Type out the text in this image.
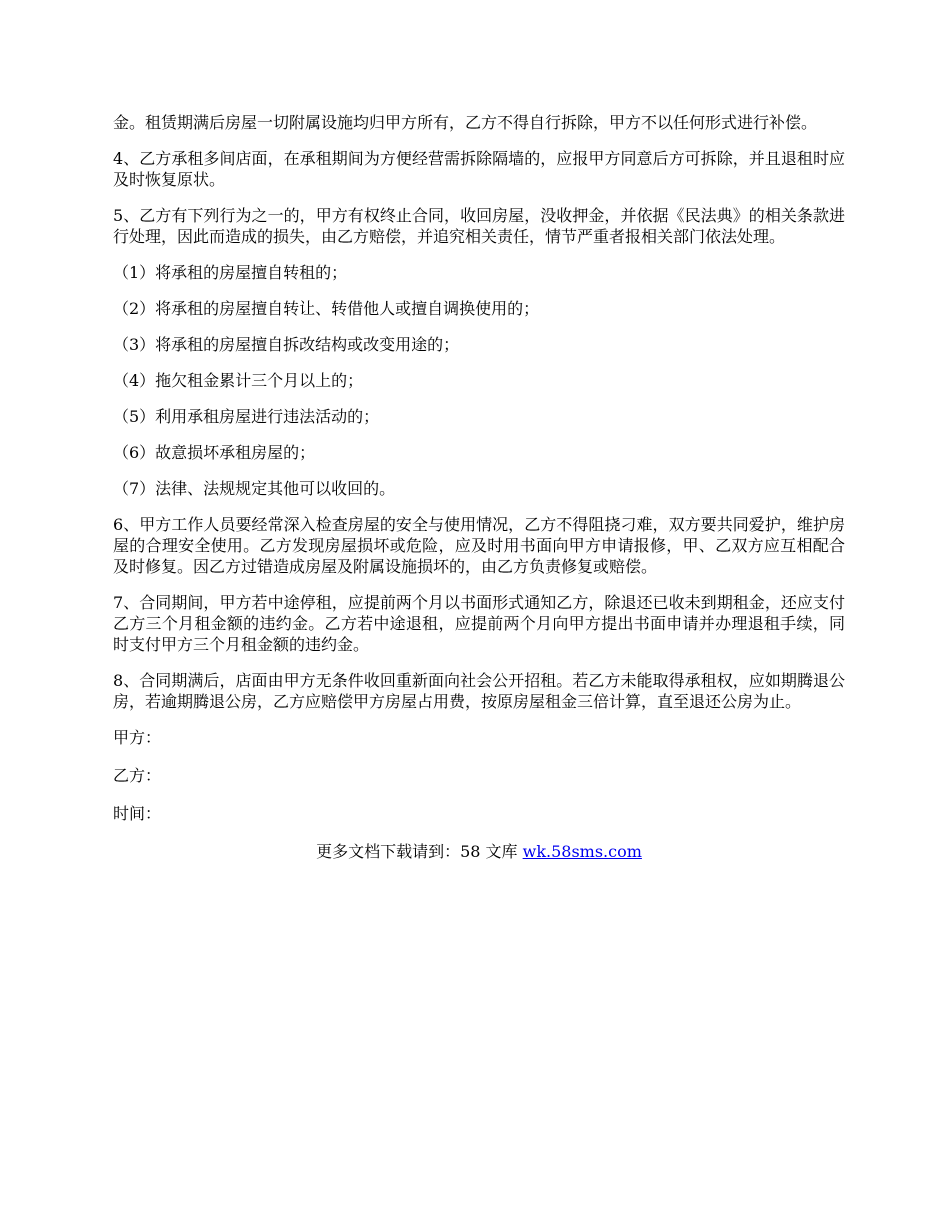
金。租赁期满后房屋一切附属设施均归甲方所有，乙方不得自行拆除，甲方不以任何形式进行补偿。

4、乙方承租多间店面，在承租期间为方便经营需拆除隔墙的，应报甲方同意后方可拆除，并且退租时应及时恢复原状。

5、乙方有下列行为之一的，甲方有权终止合同，收回房屋，没收押金，并依据《民法典》的相关条款进行处理，因此而造成的损失，由乙方赔偿，并追究相关责任，情节严重者报相关部门依法处理。

（1）将承租的房屋擅自转租的；

（2）将承租的房屋擅自转让、转借他人或擅自调换使用的；

（3）将承租的房屋擅自拆改结构或改变用途的；

（4）拖欠租金累计三个月以上的；

（5）利用承租房屋进行违法活动的；

（6）故意损坏承租房屋的；

（7）法律、法规规定其他可以收回的。

6、甲方工作人员要经常深入检查房屋的安全与使用情况，乙方不得阻挠刁难，双方要共同爱护，维护房屋的合理安全使用。乙方发现房屋损坏或危险，应及时用书面向甲方申请报修，甲、乙双方应互相配合及时修复。因乙方过错造成房屋及附属设施损坏的，由乙方负责修复或赔偿。

7、合同期间，甲方若中途停租，应提前两个月以书面形式通知乙方，除退还已收未到期租金，还应支付乙方三个月租金额的违约金。乙方若中途退租，应提前两个月向甲方提出书面申请并办理退租手续，同时支付甲方三个月租金额的违约金。

8、合同期满后，店面由甲方无条件收回重新面向社会公开招租。若乙方未能取得承租权，应如期腾退公房，若逾期腾退公房，乙方应赔偿甲方房屋占用费，按原房屋租金三倍计算，直至退还公房为止。

甲方：

乙方：

时间：

更多文档下载请到：58 文库 wk.58sms.com
